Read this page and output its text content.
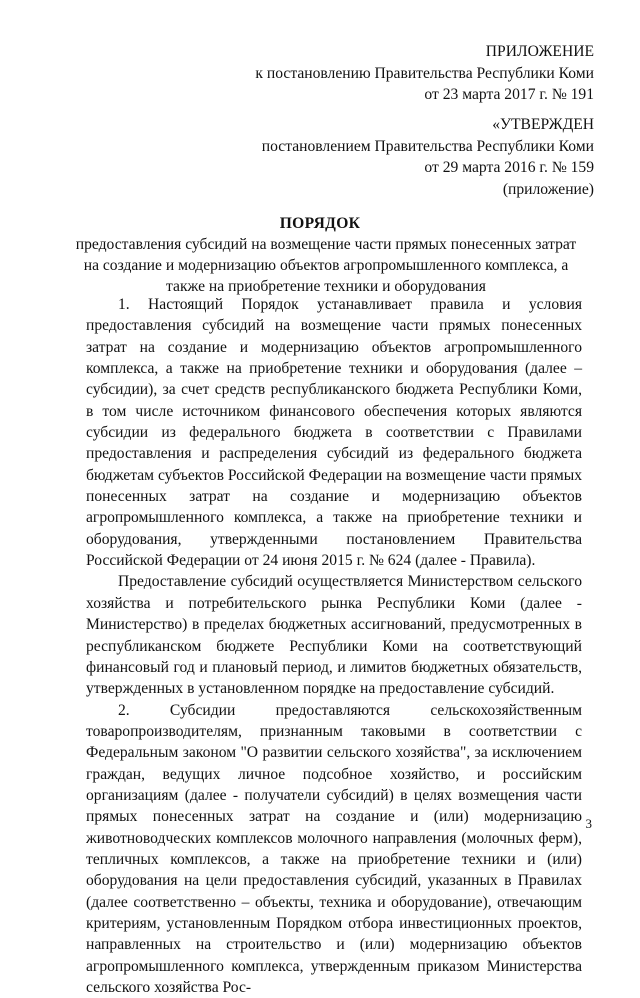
ПРИЛОЖЕНИЕ
к постановлению Правительства Республики Коми
от 23 марта 2017 г. № 191
«УТВЕРЖДЕН
постановлением Правительства Республики Коми
от 29 марта 2016 г. № 159
(приложение)
ПОРЯДОК
предоставления субсидий на возмещение части прямых понесенных затрат на создание и модернизацию объектов агропромышленного комплекса, а также на приобретение техники и оборудования

1. Настоящий Порядок устанавливает правила и условия предоставления субсидий на возмещение части прямых понесенных затрат на создание и модернизацию объектов агропромышленного комплекса, а также на приобретение техники и оборудования (далее – субсидии), за счет средств республиканского бюджета Республики Коми, в том числе источником финансового обеспечения которых являются субсидии из федерального бюджета в соответствии с Правилами предоставления и распределения субсидий из федерального бюджета бюджетам субъектов Российской Федерации на возмещение части прямых понесенных затрат на создание и модернизацию объектов агропромышленного комплекса, а также на приобретение техники и оборудования, утвержденными постановлением Правительства Российской Федерации от 24 июня 2015 г. № 624 (далее - Правила).

Предоставление субсидий осуществляется Министерством сельского хозяйства и потребительского рынка Республики Коми (далее - Министерство) в пределах бюджетных ассигнований, предусмотренных в республиканском бюджете Республики Коми на соответствующий финансовый год и плановый период, и лимитов бюджетных обязательств, утвержденных в установленном порядке на предоставление субсидий.

2. Субсидии предоставляются сельскохозяйственным товаропроизводителям, признанным таковыми в соответствии с Федеральным законом "О развитии сельского хозяйства", за исключением граждан, ведущих личное подсобное хозяйство, и российским организациям (далее - получатели субсидий) в целях возмещения части прямых понесенных затрат на создание и (или) модернизацию животноводческих комплексов молочного направления (молочных ферм), тепличных комплексов, а также на приобретение техники и (или) оборудования на цели предоставления субсидий, указанных в Правилах (далее соответственно – объекты, техника и оборудование), отвечающим критериям, установленным Порядком отбора инвестиционных проектов, направленных на строительство и (или) модернизацию объектов агропромышленного комплекса, утвержденным приказом Министерства сельского хозяйства Рос-

3
